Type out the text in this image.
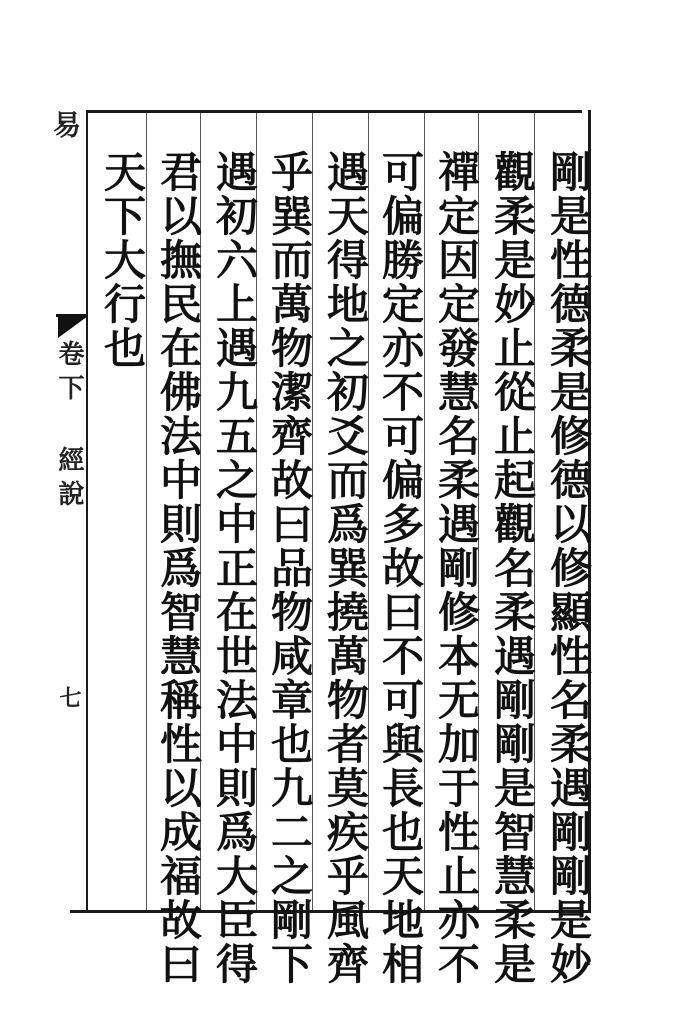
易
卷下 經說
七	剛是性德柔是修德以修顯性名柔遇剛剛是妙
觀柔是妙止從止起觀名柔遇剛剛是智慧柔是
禪定因定發慧名柔遇剛修本无加于性止亦不
可偏勝定亦不可偏多故曰不可與長也天地相
遇天得地之初爻而爲巽撓萬物者莫疾乎風齊
乎巽而萬物潔齊故曰品物咸章也九二之剛下
遇初六上遇九五之中正在世法中則爲大臣得
君以撫民在佛法中則爲智慧稱性以成福故曰
天下大行也
